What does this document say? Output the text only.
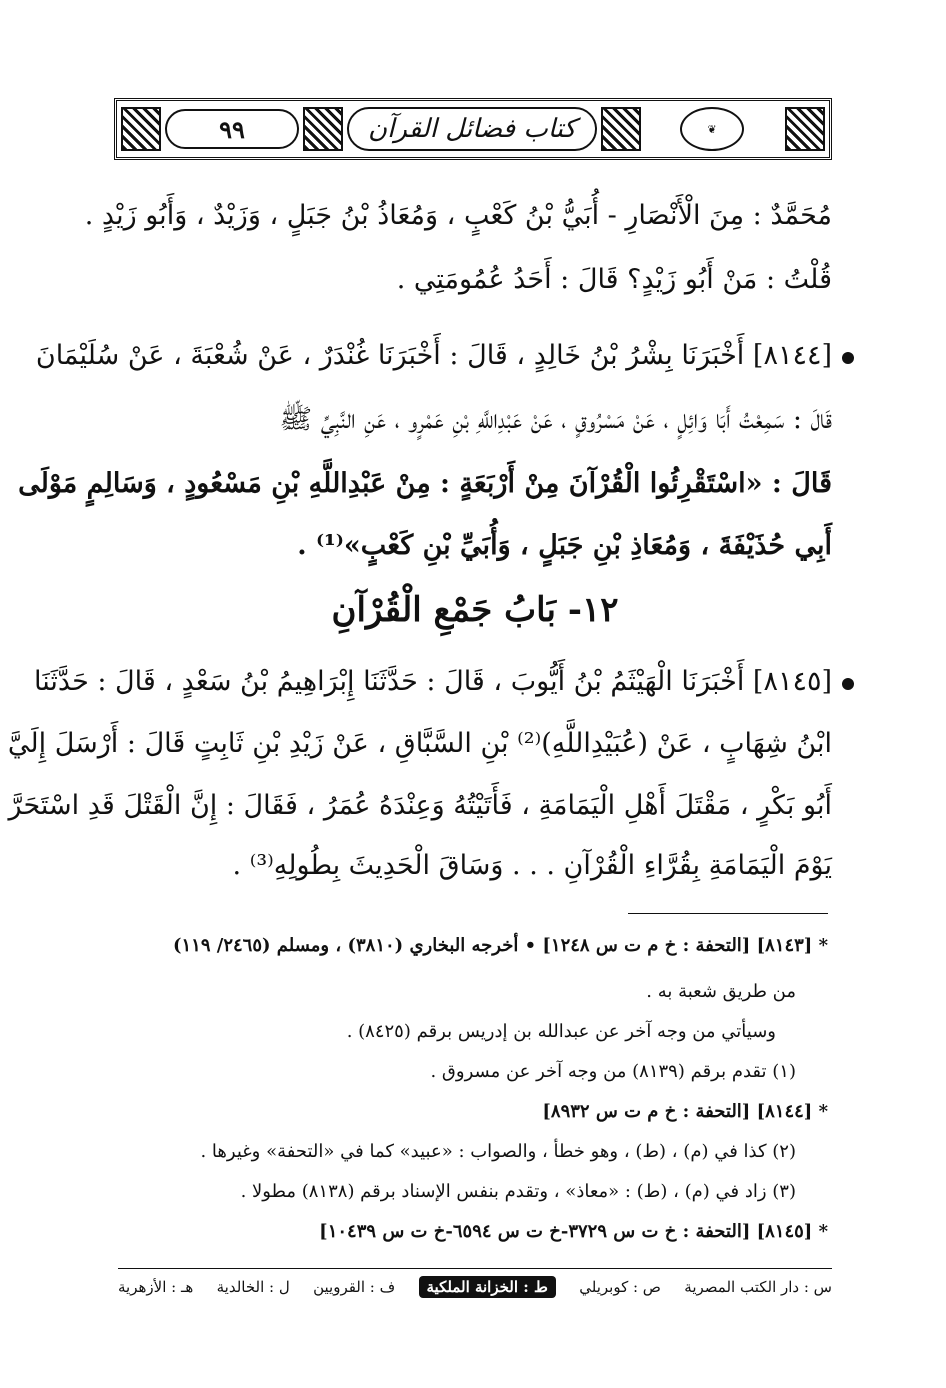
٩٩	كتاب فضائل القرآن	❦
مُحَمَّدٌ : مِنَ الْأَنْصَارِ - أُبَيُّ بْنُ كَعْبٍ ، وَمُعَاذُ بْنُ جَبَلٍ ، وَزَيْدٌ ، وَأَبُو زَيْدٍ .
قُلْتُ : مَنْ أَبُو زَيْدٍ؟ قَالَ : أَحَدُ عُمُومَتِي .
[٨١٤٤] أَخْبَرَنَا بِشْرُ بْنُ خَالِدٍ ، قَالَ : أَخْبَرَنَا غُنْدَرٌ ، عَنْ شُعْبَةَ ، عَنْ سُلَيْمَانَ
قَالَ : سَمِعْتُ أَبَا وَائِلٍ ، عَنْ مَسْرُوقٍ ، عَنْ عَبْدِاللَّهِ بْنِ عَمْرٍو ، عَنِ النَّبِيِّ ﷺ
قَالَ : «اسْتَقْرِئُوا الْقُرْآنَ مِنْ أَرْبَعَةٍ : مِنْ عَبْدِاللَّهِ بْنِ مَسْعُودٍ ، وَسَالِمٍ مَوْلَى
أَبِي حُذَيْفَةَ ، وَمُعَاذِ بْنِ جَبَلٍ ، وَأُبَيِّ بْنِ كَعْبٍ»⁽¹⁾ .
١٢- بَابُ جَمْعِ الْقُرْآنِ
[٨١٤٥] أَخْبَرَنَا الْهَيْثَمُ بْنُ أَيُّوبَ ، قَالَ : حَدَّثَنَا إِبْرَاهِيمُ بْنُ سَعْدٍ ، قَالَ : حَدَّثَنَا
ابْنُ شِهَابٍ ، عَنْ (عُبَيْدِاللَّهِ)⁽²⁾ بْنِ السَّبَّاقِ ، عَنْ زَيْدِ بْنِ ثَابِتٍ قَالَ : أَرْسَلَ إِلَيَّ
أَبُو بَكْرٍ ، مَقْتَلَ أَهْلِ الْيَمَامَةِ ، فَأَتَيْتُهُ وَعِنْدَهُ عُمَرُ ، فَقَالَ : إِنَّ الْقَتْلَ قَدِ اسْتَحَرَّ
يَوْمَ الْيَمَامَةِ بِقُرَّاءِ الْقُرْآنِ . . . وَسَاقَ الْحَدِيثَ بِطُولِهِ⁽³⁾ .
* [٨١٤٣] [التحفة : خ م ت س ١٢٤٨] • أخرجه البخاري (٣٨١٠) ، ومسلم (٢٤٦٥/ ١١٩)
من طريق شعبة به .
وسيأتي من وجه آخر عن عبدالله بن إدريس برقم (٨٤٢٥) .
(١) تقدم برقم (٨١٣٩) من وجه آخر عن مسروق .
* [٨١٤٤] [التحفة : خ م ت س ٨٩٣٢]
(٢) كذا في (م) ، (ط) ، وهو خطأ ، والصواب : «عبيد» كما في «التحفة» وغيرها .
(٣) زاد في (م) ، (ط) : «معاذ» ، وتقدم بنفس الإسناد برقم (٨١٣٨) مطولا .
* [٨١٤٥] [التحفة : خ ت س ٣٧٢٩-خ ت س ٦٥٩٤-خ ت س ١٠٤٣٩]
س : دار الكتب المصرية
ص : كوبريلي
ط : الخزانة الملكية
ف : القرويين
ل : الخالدية
هـ : الأزهرية
